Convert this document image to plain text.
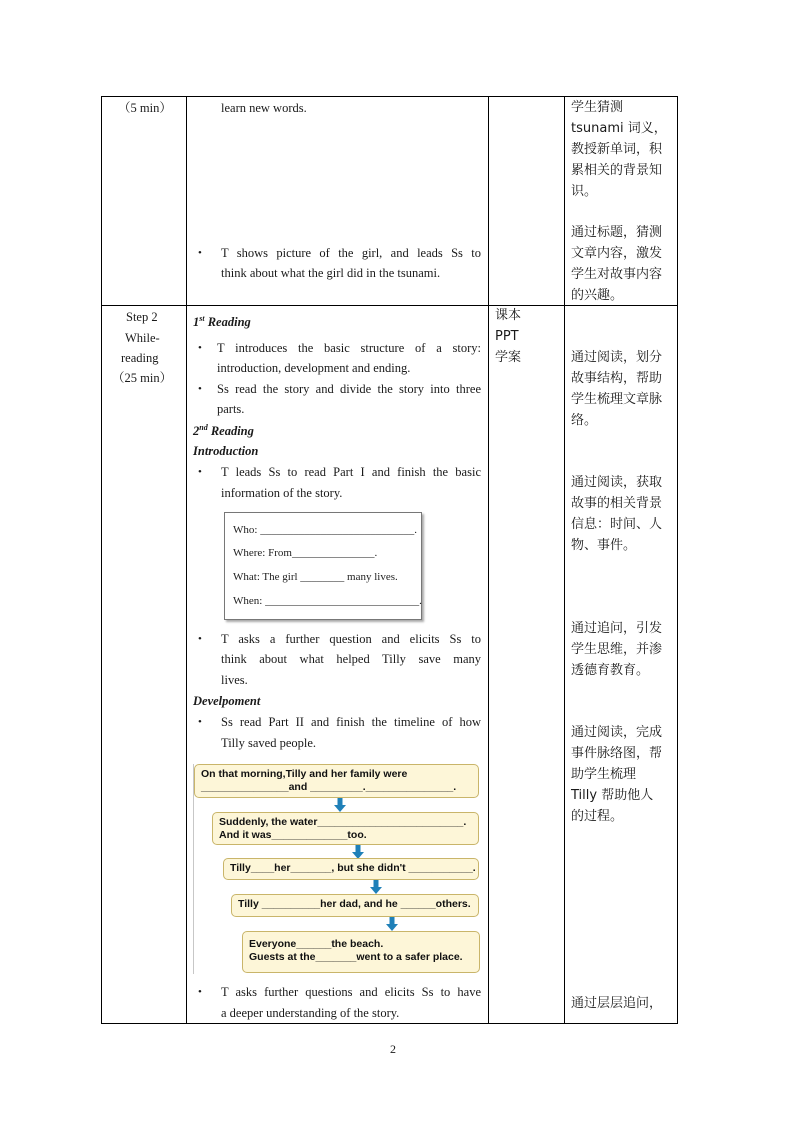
（5 min）	learn new words.
• T shows picture of the girl, and leads Ss to
think about what the girl did in the tsunami.
学生猜测
tsunami 词义，
教授新单词，积
累相关的背景知
识。
通过标题，猜测
文章内容，激发
学生对故事内容
的兴趣。
Step 2
While-
reading
（25 min）
课本
PPT
学案
1st Reading
• T introduces the basic structure of a story:
introduction, development and ending.
• Ss read the story and divide the story into three
parts.
2nd Reading
Introduction
• T leads Ss to read Part I and finish the basic
information of the story.
Who: ____________________________.
Where: From_______________.
What: The girl ________ many lives.
When: ____________________________.
• T asks a further question and elicits Ss to
think about what helped Tilly save many
lives.
Develpoment
• Ss read Part II and finish the timeline of how
Tilly saved people.
On that morning,Tilly and her family were
_______________and _________._______________.
Suddenly, the water_________________________.
And it was_____________too.
Tilly____her_______, but she didn't ___________.
Tilly __________her dad, and he ______others.
Everyone______the beach.
Guests at the_______went to a safer place.
• T asks further questions and elicits Ss to have
a deeper understanding of the story.
通过阅读，划分
故事结构，帮助
学生梳理文章脉
络。
通过阅读，获取
故事的相关背景
信息：时间、人
物、事件。
通过追问，引发
学生思维，并渗
透德育教育。
通过阅读，完成
事件脉络图，帮
助学生梳理
Tilly 帮助他人
的过程。
通过层层追问，
2
